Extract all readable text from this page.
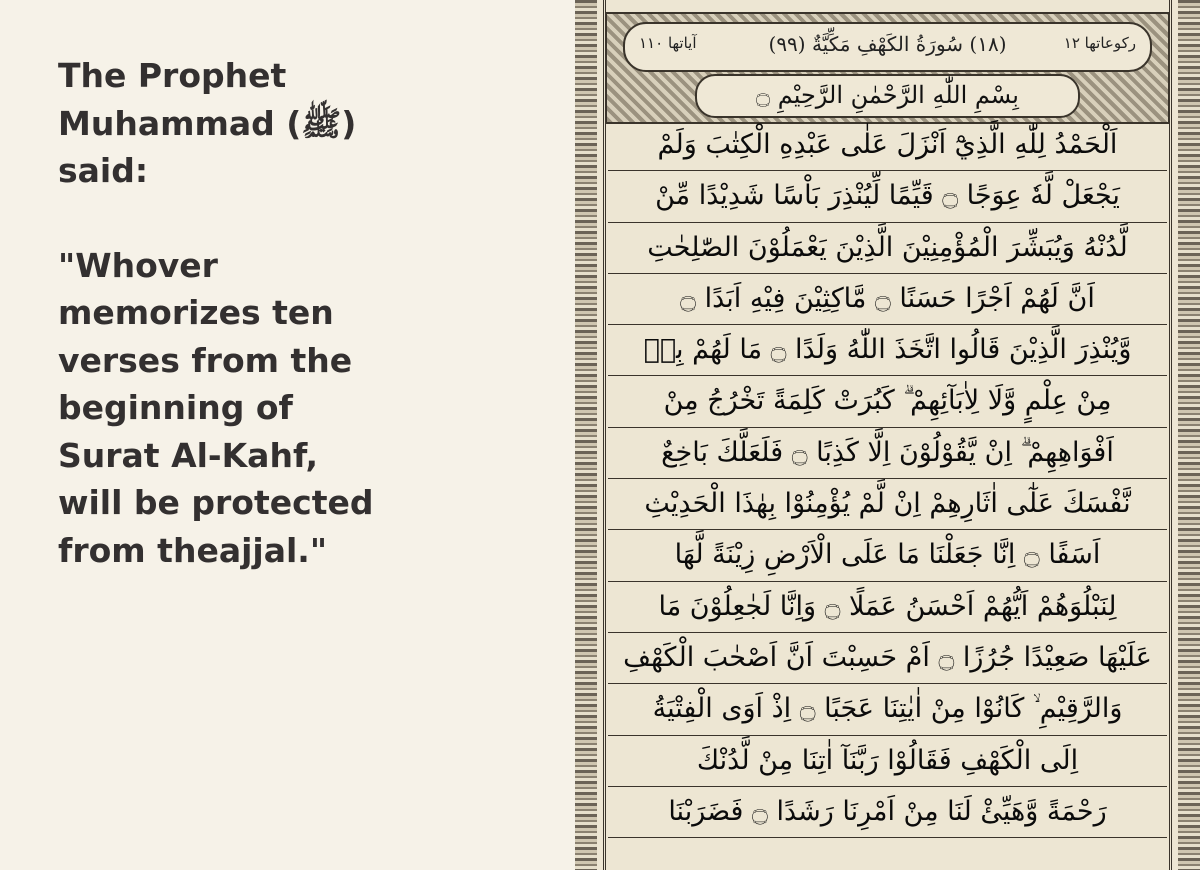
The Prophet

Muhammad (ﷺ)

said:

"Whover

memorizes ten

verses from the

beginning of

Surat Al-Kahf,

will be protected

from theajjal."

آیاتها ١١٠	(١٨) سُورَةُ الكَهْفِ مَكِّيَّةٌ (٩٩)	ركوعاتها ١٢
بِسْمِ اللّٰهِ الرَّحْمٰنِ الرَّحِيْمِ ۝
اَلْحَمْدُ لِلّٰهِ الَّذِيْٓ اَنْزَلَ عَلٰى عَبْدِهِ الْكِتٰبَ وَلَمْ
يَجْعَلْ لَّهٗ عِوَجًا ۝ قَيِّمًا لِّيُنْذِرَ بَاْسًا شَدِيْدًا مِّنْ
لَّدُنْهُ وَيُبَشِّرَ الْمُؤْمِنِيْنَ الَّذِيْنَ يَعْمَلُوْنَ الصّٰلِحٰتِ
اَنَّ لَهُمْ اَجْرًا حَسَنًا ۝ مَّاكِثِيْنَ فِيْهِ اَبَدًا ۝
وَّيُنْذِرَ الَّذِيْنَ قَالُوا اتَّخَذَ اللّٰهُ وَلَدًا ۝ مَا لَهُمْ بِهٖ
مِنْ عِلْمٍ وَّلَا لِاٰبَآئِهِمْ ۗ كَبُرَتْ كَلِمَةً تَخْرُجُ مِنْ
اَفْوَاهِهِمْ ۗ اِنْ يَّقُوْلُوْنَ اِلَّا كَذِبًا ۝ فَلَعَلَّكَ بَاخِعٌ
نَّفْسَكَ عَلٰٓى اٰثَارِهِمْ اِنْ لَّمْ يُؤْمِنُوْا بِهٰذَا الْحَدِيْثِ
اَسَفًا ۝ اِنَّا جَعَلْنَا مَا عَلَى الْاَرْضِ زِيْنَةً لَّهَا
لِنَبْلُوَهُمْ اَيُّهُمْ اَحْسَنُ عَمَلًا ۝ وَاِنَّا لَجٰعِلُوْنَ مَا
عَلَيْهَا صَعِيْدًا جُرُزًا ۝ اَمْ حَسِبْتَ اَنَّ اَصْحٰبَ الْكَهْفِ
وَالرَّقِيْمِ ۙ كَانُوْا مِنْ اٰيٰتِنَا عَجَبًا ۝ اِذْ اَوَى الْفِتْيَةُ
اِلَى الْكَهْفِ فَقَالُوْا رَبَّنَآ اٰتِنَا مِنْ لَّدُنْكَ
رَحْمَةً وَّهَيِّئْ لَنَا مِنْ اَمْرِنَا رَشَدًا ۝ فَضَرَبْنَا
